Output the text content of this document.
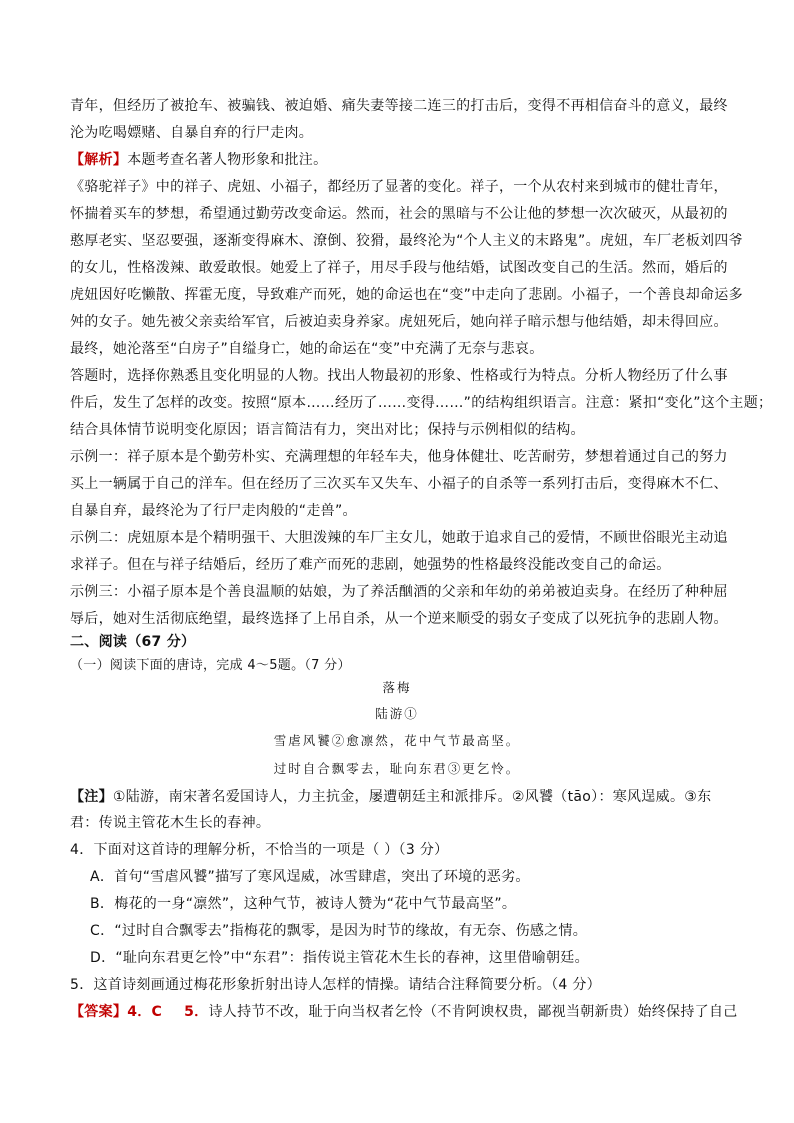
青年，但经历了被抢车、被骗钱、被迫婚、痛失妻等接二连三的打击后，变得不再相信奋斗的意义，最终
沦为吃喝嫖赌、自暴自弃的行尸走肉。
【解析】本题考查名著人物形象和批注。
《骆驼祥子》中的祥子、虎妞、小福子，都经历了显著的变化。祥子，一个从农村来到城市的健壮青年，
怀揣着买车的梦想，希望通过勤劳改变命运。然而，社会的黑暗与不公让他的梦想一次次破灭，从最初的
憨厚老实、坚忍要强，逐渐变得麻木、潦倒、狡猾，最终沦为“个人主义的末路鬼”。虎妞，车厂老板刘四爷
的女儿，性格泼辣、敢爱敢恨。她爱上了祥子，用尽手段与他结婚，试图改变自己的生活。然而，婚后的
虎妞因好吃懒散、挥霍无度，导致难产而死，她的命运也在“变”中走向了悲剧。小福子，一个善良却命运多
舛的女子。她先被父亲卖给军官，后被迫卖身养家。虎妞死后，她向祥子暗示想与他结婚，却未得回应。
最终，她沦落至“白房子”自缢身亡，她的命运在“变”中充满了无奈与悲哀。
答题时，选择你熟悉且变化明显的人物。找出人物最初的形象、性格或行为特点。分析人物经历了什么事
件后，发生了怎样的改变。按照“原本……经历了……变得……”的结构组织语言。注意：紧扣“变化”这个主题；
结合具体情节说明变化原因；语言简洁有力，突出对比；保持与示例相似的结构。
示例一：祥子原本是个勤劳朴实、充满理想的年轻车夫，他身体健壮、吃苦耐劳，梦想着通过自己的努力
买上一辆属于自己的洋车。但在经历了三次买车又失车、小福子的自杀等一系列打击后，变得麻木不仁、
自暴自弃，最终沦为了行尸走肉般的“走兽”。
示例二：虎妞原本是个精明强干、大胆泼辣的车厂主女儿，她敢于追求自己的爱情，不顾世俗眼光主动追
求祥子。但在与祥子结婚后，经历了难产而死的悲剧，她强势的性格最终没能改变自己的命运。
示例三：小福子原本是个善良温顺的姑娘，为了养活酗酒的父亲和年幼的弟弟被迫卖身。在经历了种种屈
辱后，她对生活彻底绝望，最终选择了上吊自杀，从一个逆来顺受的弱女子变成了以死抗争的悲剧人物。
二、阅读（67 分）
（一）阅读下面的唐诗，完成 4～5题。（7 分）
落梅
陆游①
雪虐风饕②愈凛然，花中气节最高坚。
过时自合飘零去，耻向东君③更乞怜。
【注】①陆游，南宋著名爱国诗人，力主抗金，屡遭朝廷主和派排斥。②风饕（tāo）：寒风逞威。③东
君：传说主管花木生长的春神。
4．下面对这首诗的理解分析，不恰当的一项是（ ）（3 分）
A．首句“雪虐风饕”描写了寒风逞威，冰雪肆虐，突出了环境的恶劣。
B．梅花的一身“凛然”，这种气节，被诗人赞为“花中气节最高坚”。
C．“过时自合飘零去”指梅花的飘零，是因为时节的缘故，有无奈、伤感之情。
D．“耻向东君更乞怜”中“东君”：指传说主管花木生长的春神，这里借喻朝廷。
5．这首诗刻画通过梅花形象折射出诗人怎样的情操。请结合注释简要分析。（4 分）
【答案】4．C 5．诗人持节不改，耻于向当权者乞怜（不肯阿谀权贵，鄙视当朝新贵）始终保持了自己
